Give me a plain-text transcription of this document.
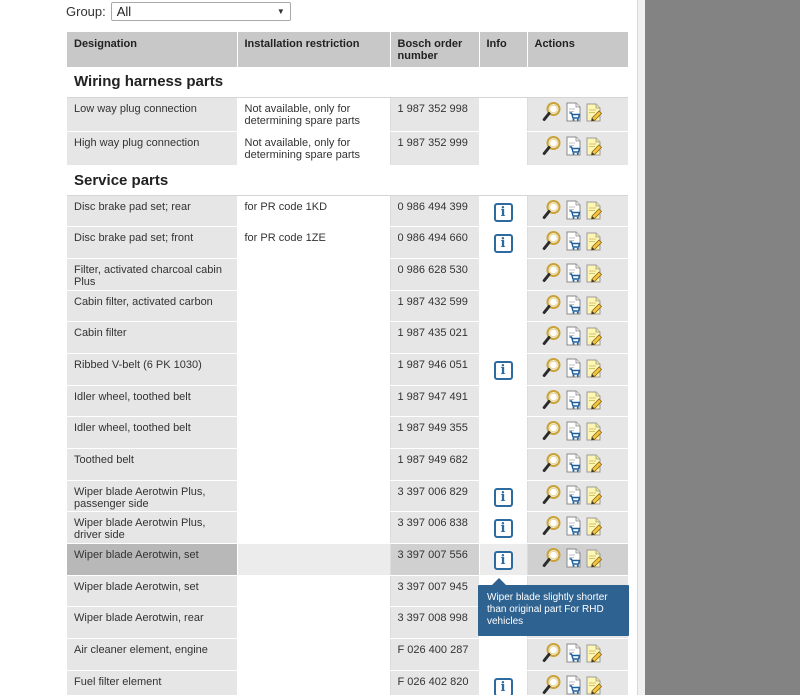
Group: All	▼
Designation	Installation restriction	Bosch order number	Info	Actions
Wiring harness parts				
Low way plug connection	Not available, only for determining spare parts	1 987 352 998		

High way plug connection	Not available, only for determining spare parts	1 987 352 999		

Service parts				
Disc brake pad set; rear	for PR code 1KD	0 986 494 399	i	

Disc brake pad set; front	for PR code 1ZE	0 986 494 660	i	

Filter, activated charcoal cabin Plus		0 986 628 530		

Cabin filter, activated carbon		1 987 432 599		

Cabin filter		1 987 435 021		

Ribbed V-belt (6 PK 1030)		1 987 946 051	i	

Idler wheel, toothed belt		1 987 947 491		

Idler wheel, toothed belt		1 987 949 355		

Toothed belt		1 987 949 682		

Wiper blade Aerotwin Plus, passenger side		3 397 006 829	i	

Wiper blade Aerotwin Plus, driver side		3 397 006 838	i	

Wiper blade Aerotwin, set		3 397 007 556	i	

Wiper blade Aerotwin, set		3 397 007 945		
Wiper blade Aerotwin, rear		3 397 008 998		
Air cleaner element, engine		F 026 400 287		

Fuel filter element		F 026 402 820	i	
Wiper blade slightly shorter than original part For RHD vehicles
